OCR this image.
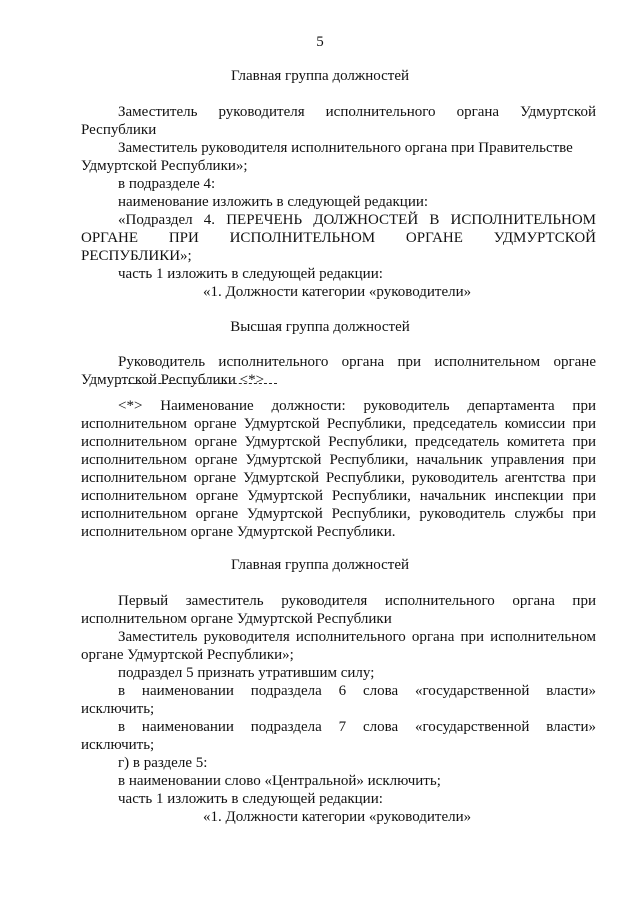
5

Главная группа должностей

Заместитель руководителя исполнительного органа Удмуртской

Республики

Заместитель руководителя исполнительного органа при Правительстве

Удмуртской Республики»;

в подразделе 4:

наименование изложить в следующей редакции:

«Подраздел 4. ПЕРЕЧЕНЬ ДОЛЖНОСТЕЙ В ИСПОЛНИТЕЛЬНОМ

ОРГАНЕ ПРИ ИСПОЛНИТЕЛЬНОМ ОРГАНЕ УДМУРТСКОЙ

РЕСПУБЛИКИ»;

часть 1 изложить в следующей редакции:

«1. Должности категории «руководители»

Высшая группа должностей

Руководитель исполнительного органа при исполнительном органе

Удмуртской Республики <*>

<*> Наименование должности: руководитель департамента при

исполнительном органе Удмуртской Республики, председатель комиссии при

исполнительном органе Удмуртской Республики, председатель комитета при

исполнительном органе Удмуртской Республики, начальник управления при

исполнительном органе Удмуртской Республики, руководитель агентства при

исполнительном органе Удмуртской Республики, начальник инспекции при

исполнительном органе Удмуртской Республики, руководитель службы при

исполнительном органе Удмуртской Республики.

Главная группа должностей

Первый заместитель руководителя исполнительного органа при

исполнительном органе Удмуртской Республики

Заместитель руководителя исполнительного органа при исполнительном

органе Удмуртской Республики»;

подраздел 5 признать утратившим силу;

в наименовании подраздела 6 слова «государственной власти»

исключить;

в наименовании подраздела 7 слова «государственной власти»

исключить;

г) в разделе 5:

в наименовании слово «Центральной» исключить;

часть 1 изложить в следующей редакции:

«1. Должности категории «руководители»
